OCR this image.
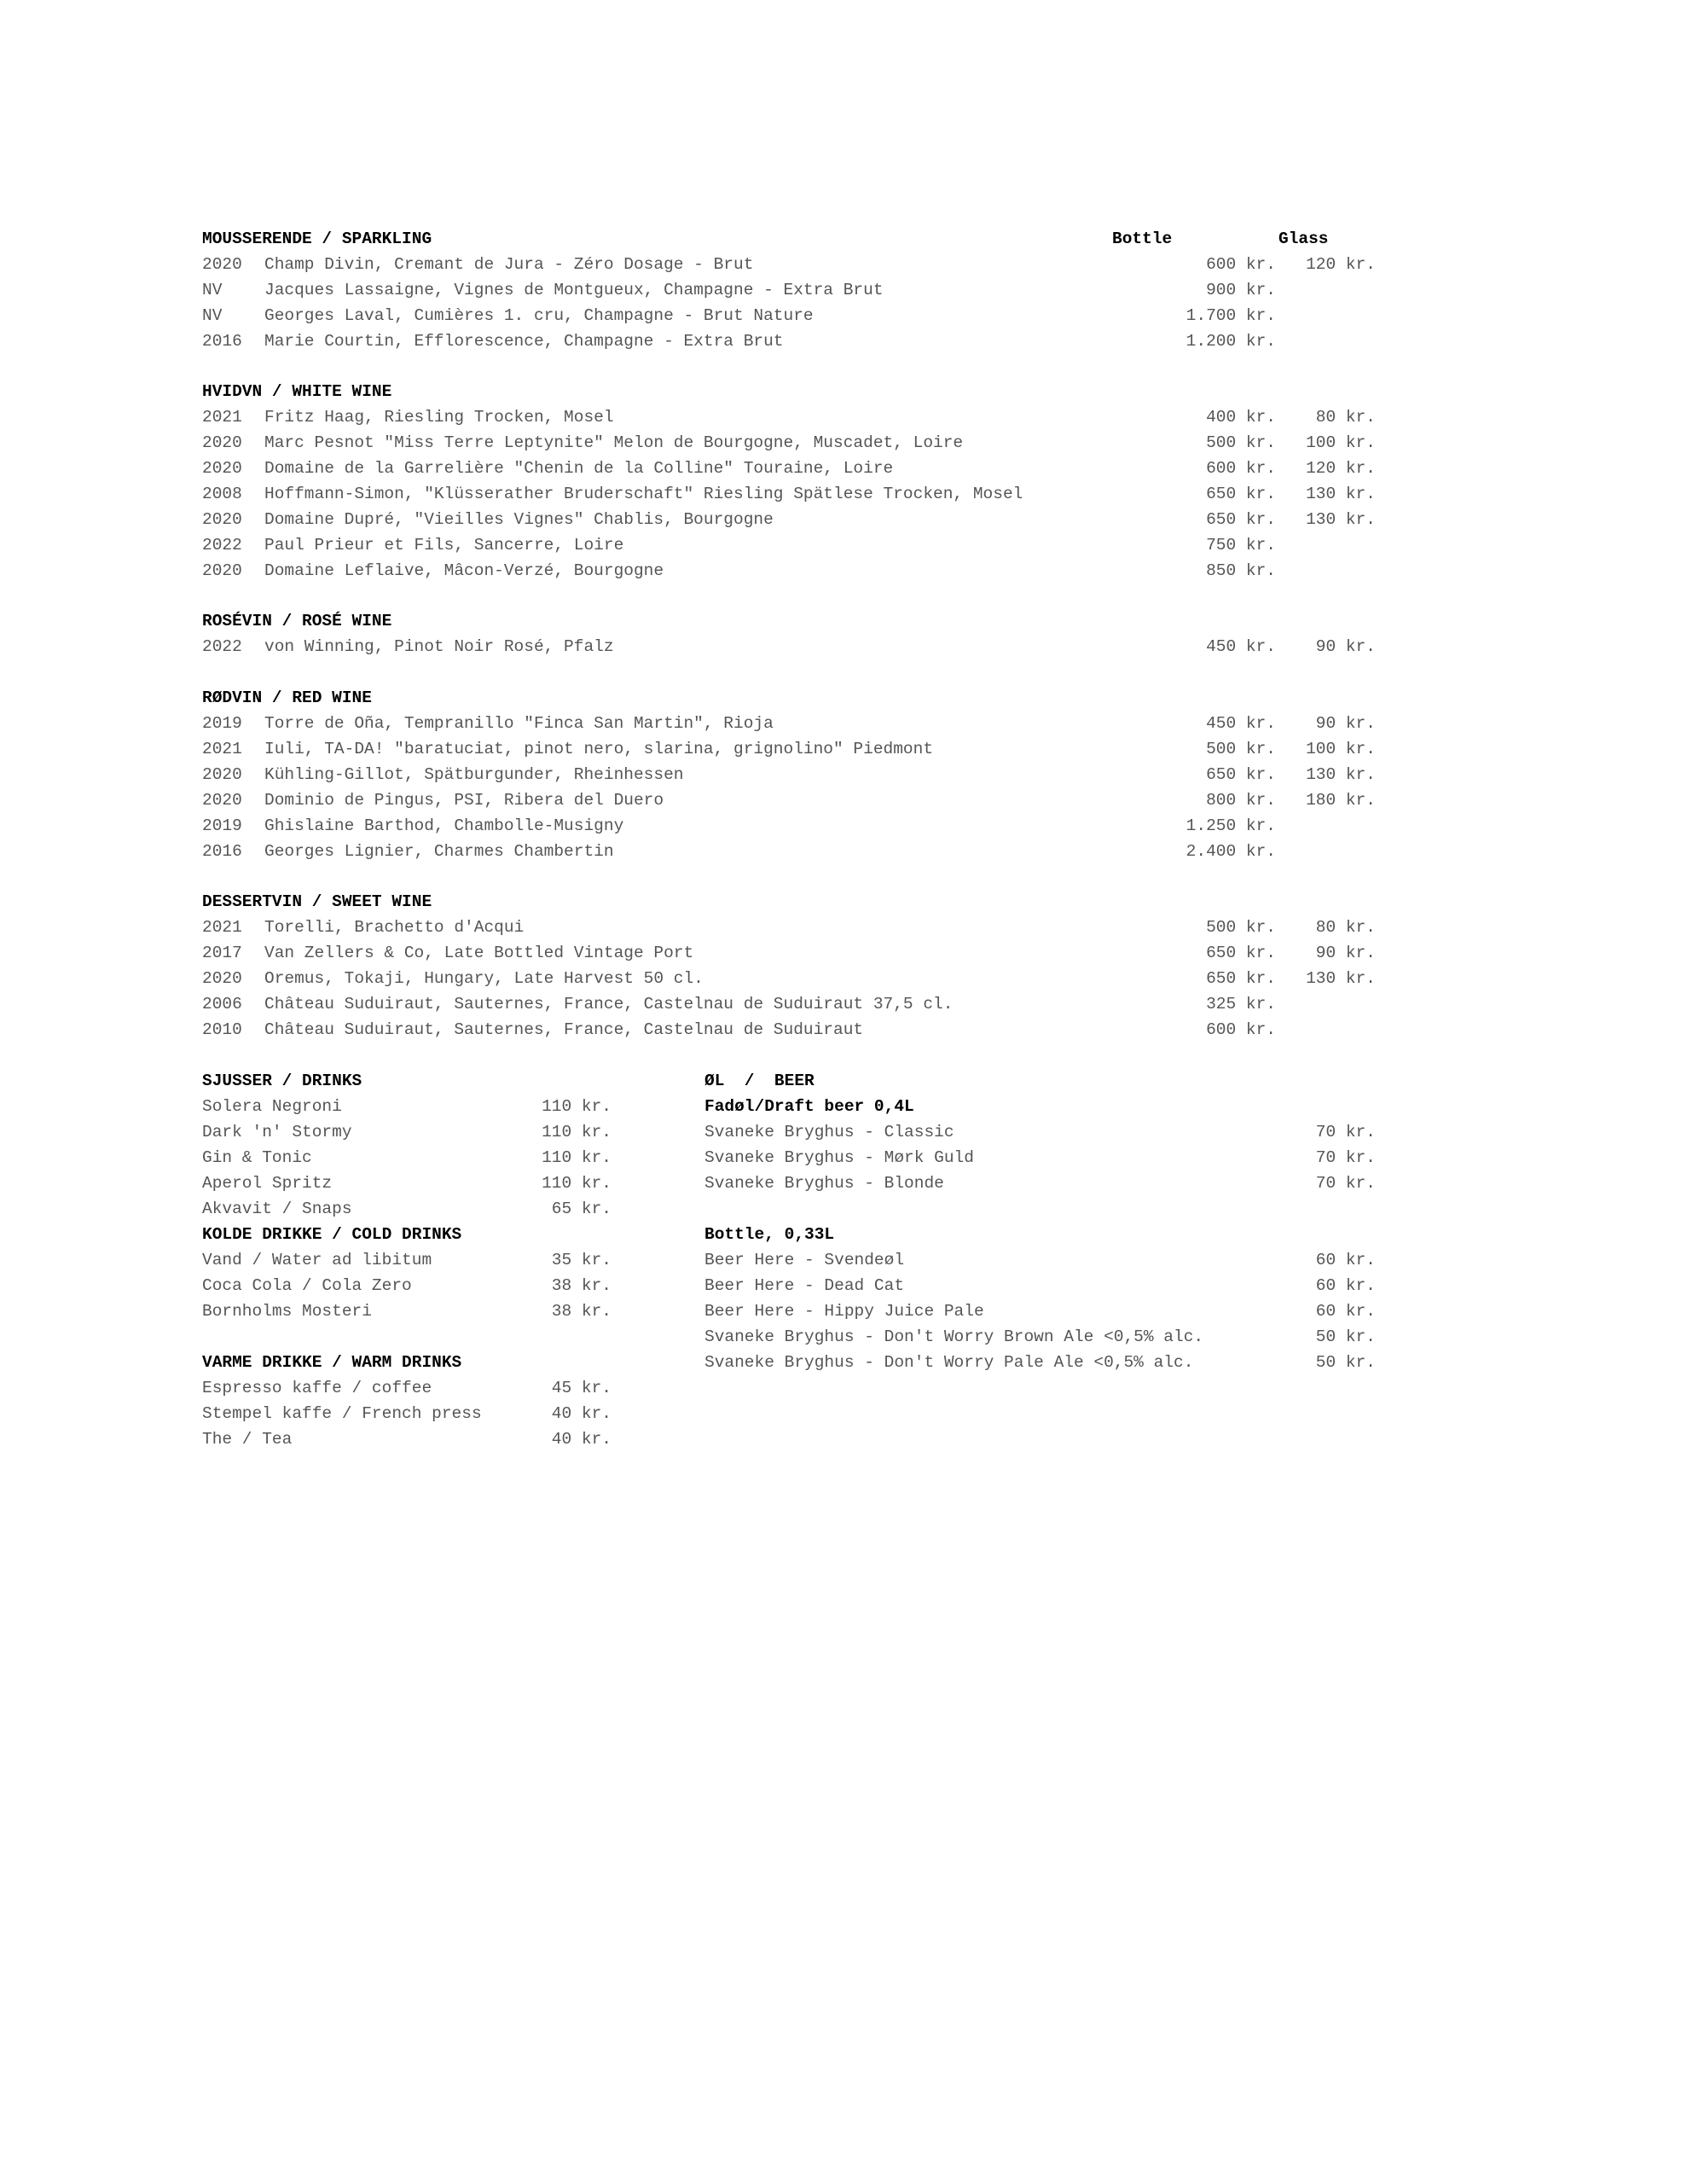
Bottle	Glass
MOUSSERENDE / SPARKLING
2020 Champ Divin, Cremant de Jura - Zéro Dosage - Brut	600 kr. 120 kr.
NV	Jacques Lassaigne, Vignes de Montgueux, Champagne - Extra Brut	900 kr.
NV	Georges Laval, Cumières 1. cru, Champagne - Brut Nature	1.700 kr.
2016 Marie Courtin, Efflorescence, Champagne - Extra Brut	1.200 kr.
HVIDVN / WHITE WINE
2021 Fritz Haag, Riesling Trocken, Mosel	400 kr. 80 kr.
2020 Marc Pesnot "Miss Terre Leptynite" Melon de Bourgogne, Muscadet, Loire	500 kr. 100 kr.
2020 Domaine de la Garrelière "Chenin de la Colline" Touraine, Loire	600 kr. 120 kr.
2008 Hoffmann-Simon, "Klüsserather Bruderschaft" Riesling Spätlese Trocken, Mosel	650 kr. 130 kr.
2020 Domaine Dupré, "Vieilles Vignes" Chablis, Bourgogne	650 kr. 130 kr.
2022 Paul Prieur et Fils, Sancerre, Loire	750 kr.
2020 Domaine Leflaive, Mâcon-Verzé, Bourgogne	850 kr.
ROSÉVIN / ROSÉ WINE
2022 von Winning, Pinot Noir Rosé, Pfalz	450 kr. 90 kr.
RØDVIN / RED WINE
2019 Torre de Oña, Tempranillo "Finca San Martin", Rioja	450 kr. 90 kr.
2021 Iuli, TA-DA! "baratuciat, pinot nero, slarina, grignolino" Piedmont	500 kr. 100 kr.
2020 Kühling-Gillot, Spätburgunder, Rheinhessen	650 kr. 130 kr.
2020 Dominio de Pingus, PSI, Ribera del Duero	800 kr. 180 kr.
2019 Ghislaine Barthod, Chambolle-Musigny	1.250 kr.
2016 Georges Lignier, Charmes Chambertin	2.400 kr.
DESSERTVIN / SWEET WINE
2021 Torelli, Brachetto d'Acqui	500 kr. 80 kr.
2017 Van Zellers & Co, Late Bottled Vintage Port	650 kr. 90 kr.
2020 Oremus, Tokaji, Hungary, Late Harvest 50 cl.	650 kr. 130 kr.
2006 Château Suduiraut, Sauternes, France, Castelnau de Suduiraut 37,5 cl.	325 kr.
2010 Château Suduiraut, Sauternes, France, Castelnau de Suduiraut	600 kr.
SJUSSER / DRINKS
Solera Negroni	110 kr.
Dark 'n' Stormy	110 kr.
Gin & Tonic	110 kr.
Aperol Spritz	110 kr.
Akvavit / Snaps	65 kr.
KOLDE DRIKKE / COLD DRINKS
Vand / Water ad libitum	35 kr.
Coca Cola / Cola Zero	38 kr.
Bornholms Mosteri	38 kr.
VARME DRIKKE / WARM DRINKS
Espresso kaffe / coffee	45 kr.
Stempel kaffe / French press	40 kr.
The / Tea	40 kr.
ØL  /  BEER
Fadøl/Draft beer 0,4L
Svaneke Bryghus - Classic	70 kr.
Svaneke Bryghus - Mørk Guld	70 kr.
Svaneke Bryghus - Blonde	70 kr.
Bottle, 0,33L
Beer Here - Svendeøl	60 kr.
Beer Here - Dead Cat	60 kr.
Beer Here - Hippy Juice Pale	60 kr.
Svaneke Bryghus - Don't Worry Brown Ale <0,5% alc.	50 kr.
Svaneke Bryghus - Don't Worry Pale Ale <0,5% alc.	50 kr.
